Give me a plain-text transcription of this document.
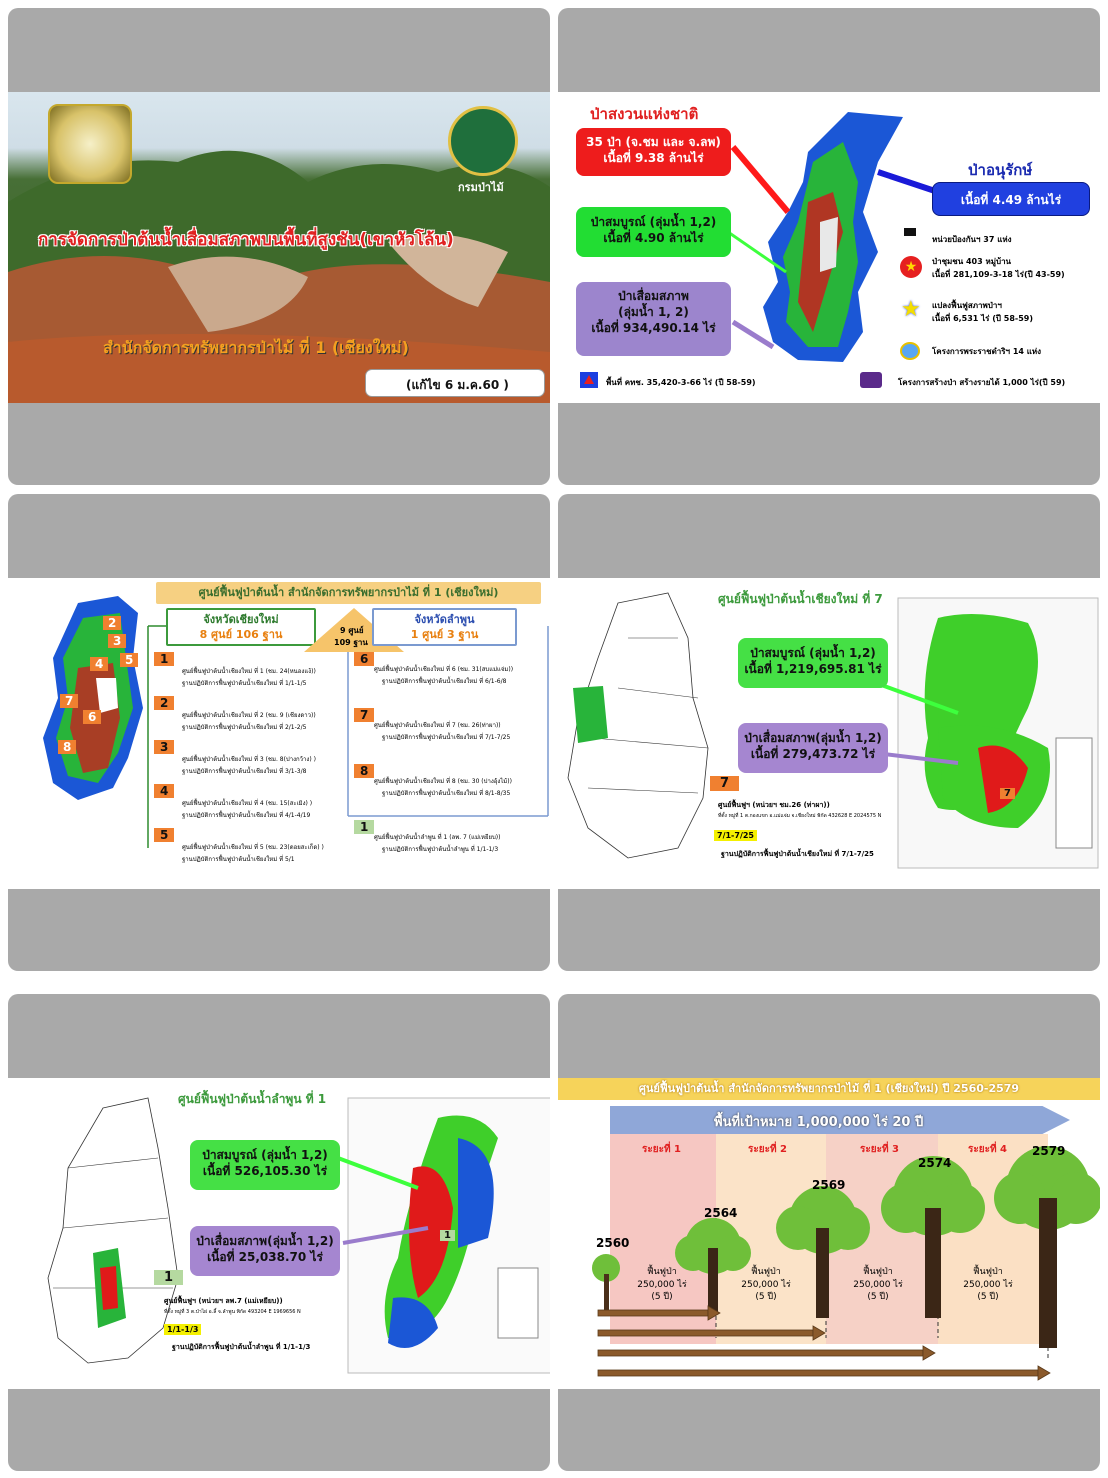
กรมป่าไม้
การจัดการป่าต้นน้ำเสื่อมสภาพบนพื้นที่สูงชัน(เขาหัวโล้น)
สำนักจัดการทรัพยากรป่าไม้ ที่ 1 (เชียงใหม่)
(แก้ไข 6 ม.ค.60 )
ป่าสงวนแห่งชาติ
35 ป่า (จ.ชม และ จ.ลพ)
เนื้อที่ 9.38 ล้านไร่
ป่าสมบูรณ์ (ลุ่มน้ำ 1,2)
เนื้อที่ 4.90 ล้านไร่
ป่าเสื่อมสภาพ
(ลุ่มน้ำ 1, 2)
เนื้อที่ 934,490.14 ไร่
ป่าอนุรักษ์
เนื้อที่ 4.49 ล้านไร่
หน่วยป้องกันฯ 37 แห่ง
★	ป่าชุมชน 403 หมู่บ้าน
เนื้อที่ 281,109-3-18 ไร่(ปี 43-59)
★ แปลงฟื้นฟูสภาพป่าฯ
เนื้อที่ 6,531 ไร่ (ปี 58-59)
โครงการพระราชดำริฯ 14 แห่ง
โครงการสร้างป่า สร้างรายได้ 1,000 ไร่(ปี 59)
พื้นที่ คทช. 35,420-3-66 ไร่ (ปี 58-59)
ศูนย์ฟื้นฟูป่าต้นน้ำ สำนักจัดการทรัพยากรป่าไม้ ที่ 1 (เชียงใหม่)
จังหวัดเชียงใหม่
8 ศูนย์ 106 ฐาน	9 ศูนย์
109 ฐาน
จังหวัดลำพูน
1 ศูนย์ 3 ฐาน
2
3
4	5
7
6
8
1
ศูนย์ฟื้นฟูป่าต้นน้ำเชียงใหม่ ที่ 1 (ชม. 24(หนองแง้))
ฐานปฏิบัติการฟื้นฟูป่าต้นน้ำเชียงใหม่ ที่ 1/1-1/5
2
ศูนย์ฟื้นฟูป่าต้นน้ำเชียงใหม่ ที่ 2 (ชม. 9 (เชียงดาว))
ฐานปฏิบัติการฟื้นฟูป่าต้นน้ำเชียงใหม่ ที่ 2/1-2/5
3
ศูนย์ฟื้นฟูป่าต้นน้ำเชียงใหม่ ที่ 3 (ชม. 8(ปางกว้าง) )
ฐานปฏิบัติการฟื้นฟูป่าต้นน้ำเชียงใหม่ ที่ 3/1-3/8
4
ศูนย์ฟื้นฟูป่าต้นน้ำเชียงใหม่ ที่ 4 (ชม. 15(สะเมิง) )
ฐานปฏิบัติการฟื้นฟูป่าต้นน้ำเชียงใหม่ ที่ 4/1-4/19
5
ศูนย์ฟื้นฟูป่าต้นน้ำเชียงใหม่ ที่ 5 (ชม. 23(ดอยสะเก็ด) )
ฐานปฏิบัติการฟื้นฟูป่าต้นน้ำเชียงใหม่ ที่ 5/1
6
ศูนย์ฟื้นฟูป่าต้นน้ำเชียงใหม่ ที่ 6 (ชม. 31(สบแม่แจ่ม))
ฐานปฏิบัติการฟื้นฟูป่าต้นน้ำเชียงใหม่ ที่ 6/1-6/8
7
ศูนย์ฟื้นฟูป่าต้นน้ำเชียงใหม่ ที่ 7 (ชม. 26(ท่าผา))
ฐานปฏิบัติการฟื้นฟูป่าต้นน้ำเชียงใหม่ ที่ 7/1-7/25
8
ศูนย์ฟื้นฟูป่าต้นน้ำเชียงใหม่ ที่ 8 (ชม. 30 (ปางอุ้งไม้))
ฐานปฏิบัติการฟื้นฟูป่าต้นน้ำเชียงใหม่ ที่ 8/1-8/35
1
ศูนย์ฟื้นฟูป่าต้นน้ำลำพูน ที่ 1 (ลพ. 7 (แม่เหยียบ))
ฐานปฏิบัติการฟื้นฟูป่าต้นน้ำลำพูน ที่ 1/1-1/3
ศูนย์ฟื้นฟูป่าต้นน้ำเชียงใหม่ ที่ 7
ป่าสมบูรณ์ (ลุ่มน้ำ 1,2)
เนื้อที่ 1,219,695.81 ไร่
ป่าเสื่อมสภาพ(ลุ่มน้ำ 1,2)
เนื้อที่ 279,473.72 ไร่
7
7
ศูนย์ฟื้นฟูฯ (หน่วยฯ ชม.26 (ท่าผา))
ที่ตั้ง หมู่ที่ 1 ต.กองแขก อ.แม่แจ่ม จ.เชียงใหม่ พิกัด 432628 E 2024575 N
7/1-7/25
ฐานปฏิบัติการฟื้นฟูป่าต้นน้ำเชียงใหม่ ที่ 7/1-7/25
ศูนย์ฟื้นฟูป่าต้นน้ำลำพูน ที่ 1
ป่าสมบูรณ์ (ลุ่มน้ำ 1,2)
เนื้อที่ 526,105.30 ไร่
ป่าเสื่อมสภาพ(ลุ่มน้ำ 1,2)
เนื้อที่ 25,038.70 ไร่
1
1
ศูนย์ฟื้นฟูฯ (หน่วยฯ ลพ.7 (แม่เหยียบ))
ที่ตั้ง หมู่ที่ 3 ต.ป่าไผ่ อ.ลี้ จ.ลำพูน พิกัด 493204 E 1969656 N
1/1-1/3
ฐานปฏิบัติการฟื้นฟูป่าต้นน้ำลำพูน ที่ 1/1-1/3
ศูนย์ฟื้นฟูป่าต้นน้ำ สำนักจัดการทรัพยากรป่าไม้ ที่ 1 (เชียงใหม่) ปี 2560-2579
พื้นที่เป้าหมาย 1,000,000 ไร่ 20 ปี
ระยะที่ 1	ระยะที่ 2	ระยะที่ 3	ระยะที่ 4
2560
2564
2569
2574
2579
ฟื้นฟูป่า
250,000 ไร่
(5 ปี)
ฟื้นฟูป่า
250,000 ไร่
(5 ปี)
ฟื้นฟูป่า
250,000 ไร่
(5 ปี)
ฟื้นฟูป่า
250,000 ไร่
(5 ปี)
